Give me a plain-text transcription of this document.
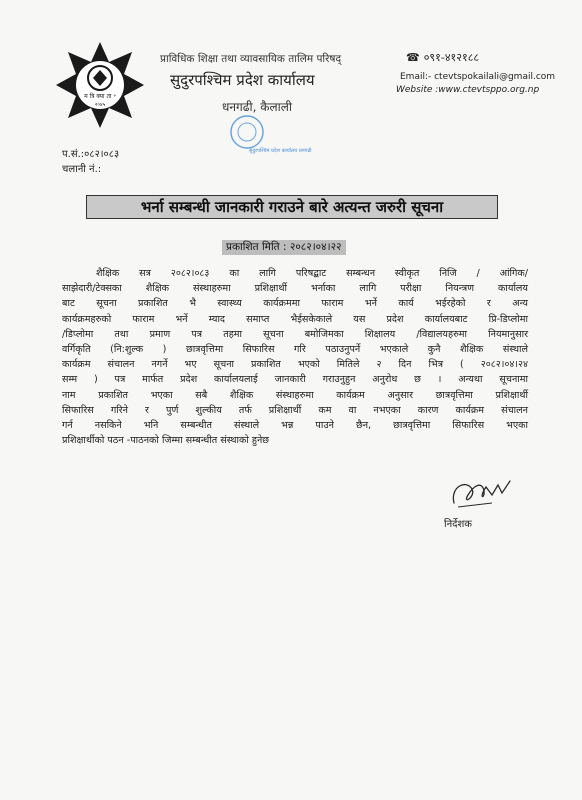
म त्रि क्या ता ॰
२०४५
प्राविधिक शिक्षा तथा व्यावसायिक तालिम परिषद्
सुदुरपश्चिम प्रदेश कार्यालय
धनगढी, कैलाली
सुदुरपश्चिम प्रदेश कार्यालय धनगढी
☎ ०९१-४१२१८८
Email:- ctevtspokailali@gmail.com
Website :www.ctevtsppo.org.np
प.सं.:०८२।०८३
चलानी नं.:
भर्ना सम्बन्धी जानकारी गराउने बारे अत्यन्त जरुरी सूचना
प्रकाशित मिति : २०८२।०४।२२
शैक्षिक सत्र २०८२।०८३ का लागि परिषद्बाट सम्बन्धन स्वीकृत निजि / आंगिक/
साझेदारी/टेक्सका शैक्षिक संस्थाहरुमा प्रशिक्षार्थी भर्नाका लागि परीक्षा नियन्त्रण कार्यालय
बाट सूचना प्रकाशित भै स्वास्थ्य कार्यक्रममा फाराम भर्ने कार्य भईरहेको र अन्य
कार्यक्रमहरुको फाराम भर्ने म्याद समाप्त भैईसकेकाले यस प्रदेश कार्यालयबाट प्रि-डिप्लोमा
/डिप्लोमा तथा प्रमाण पत्र तहमा सूचना बमोजिमका शिक्षालय /विद्यालयहरुमा नियमानुसार
वर्गिकृति (नि:शुल्क ) छात्रवृत्तिमा सिफारिस गरि पठाउनुपर्ने भएकाले कुनै शैक्षिक संस्थाले
कार्यक्रम संचालन नगर्ने भए सूचना प्रकाशित भएको मितिले २ दिन भित्र ( २०८२।०४।२४
सम्म ) पत्र मार्फत प्रदेश कार्यालयलाई जानकारी गराउनुहुन अनुरोध छ । अन्यथा सूचनामा
नाम प्रकाशित भएका सबै शैक्षिक संस्थाहरुमा कार्यक्रम अनुसार छात्रवृत्तिमा प्रशिक्षार्थी
सिफारिस गरिने र पुर्ण शुल्कीय तर्फ प्रशिक्षार्थी कम वा नभएका कारण कार्यक्रम संचालन
गर्न नसकिने भनि सम्बन्धीत संस्थाले भन्न पाउने छैन, छात्रवृत्तिमा सिफारिस भएका
प्रशिक्षार्थीको पठन -पाठनको जिम्मा सम्बन्धीत संस्थाको हुनेछ
निर्देशक
